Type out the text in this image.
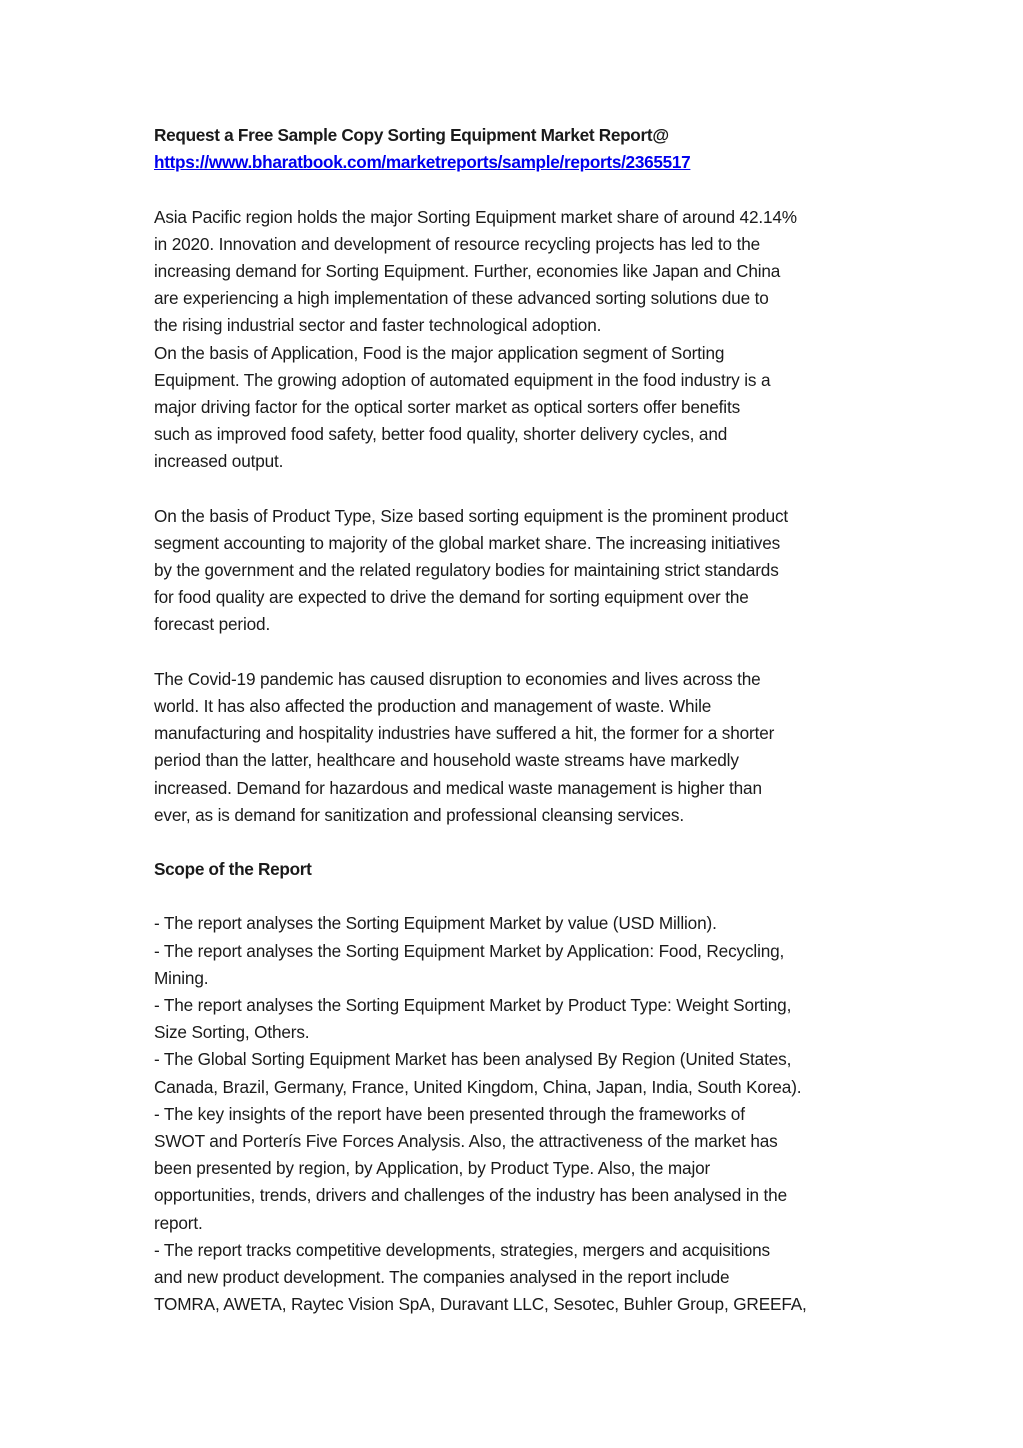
Request a Free Sample Copy Sorting Equipment Market Report@
https://www.bharatbook.com/marketreports/sample/reports/2365517
Asia Pacific region holds the major Sorting Equipment market share of around 42.14%
in 2020. Innovation and development of resource recycling projects has led to the
increasing demand for Sorting Equipment. Further, economies like Japan and China
are experiencing a high implementation of these advanced sorting solutions due to
the rising industrial sector and faster technological adoption.
On the basis of Application, Food is the major application segment of Sorting
Equipment. The growing adoption of automated equipment in the food industry is a
major driving factor for the optical sorter market as optical sorters offer benefits
such as improved food safety, better food quality, shorter delivery cycles, and
increased output.
On the basis of Product Type, Size based sorting equipment is the prominent product
segment accounting to majority of the global market share. The increasing initiatives
by the government and the related regulatory bodies for maintaining strict standards
for food quality are expected to drive the demand for sorting equipment over the
forecast period.
The Covid-19 pandemic has caused disruption to economies and lives across the
world. It has also affected the production and management of waste. While
manufacturing and hospitality industries have suffered a hit, the former for a shorter
period than the latter, healthcare and household waste streams have markedly
increased. Demand for hazardous and medical waste management is higher than
ever, as is demand for sanitization and professional cleansing services.
Scope of the Report
- The report analyses the Sorting Equipment Market by value (USD Million).
- The report analyses the Sorting Equipment Market by Application: Food, Recycling,
Mining.
- The report analyses the Sorting Equipment Market by Product Type: Weight Sorting,
Size Sorting, Others.
- The Global Sorting Equipment Market has been analysed By Region (United States,
Canada, Brazil, Germany, France, United Kingdom, China, Japan, India, South Korea).
- The key insights of the report have been presented through the frameworks of
SWOT and Porterís Five Forces Analysis. Also, the attractiveness of the market has
been presented by region, by Application, by Product Type. Also, the major
opportunities, trends, drivers and challenges of the industry has been analysed in the
report.
- The report tracks competitive developments, strategies, mergers and acquisitions
and new product development. The companies analysed in the report include
TOMRA, AWETA, Raytec Vision SpA, Duravant LLC, Sesotec, Buhler Group, GREEFA,
